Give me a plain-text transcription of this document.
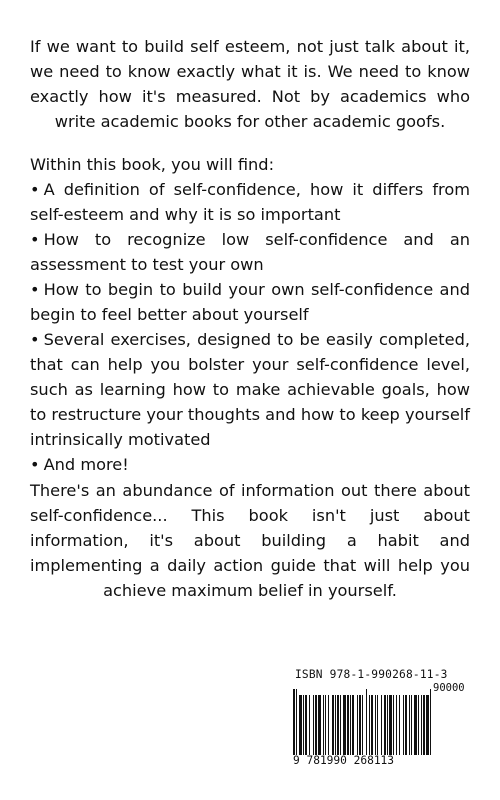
If we want to build self esteem, not just talk about it, we need to know exactly what it is. We need to know exactly how it's measured. Not by academics who write academic books for other academic goofs.

Within this book, you will find:

• A definition of self-confidence, how it differs from self-esteem and why it is so important
• How to recognize low self-confidence and an assessment to test your own
• How to begin to build your own self-confidence and begin to feel better about yourself
• Several exercises, designed to be easily completed, that can help you bolster your self-confidence level, such as learning how to make achievable goals, how to restructure your thoughts and how to keep yourself intrinsically motivated
• And more!

There's an abundance of information out there about self-confidence... This book isn't just about information, it's about building a habit and implementing a daily action guide that will help you achieve maximum belief in yourself.

ISBN 978-1-990268-11-3
90000
9 781990 268113
